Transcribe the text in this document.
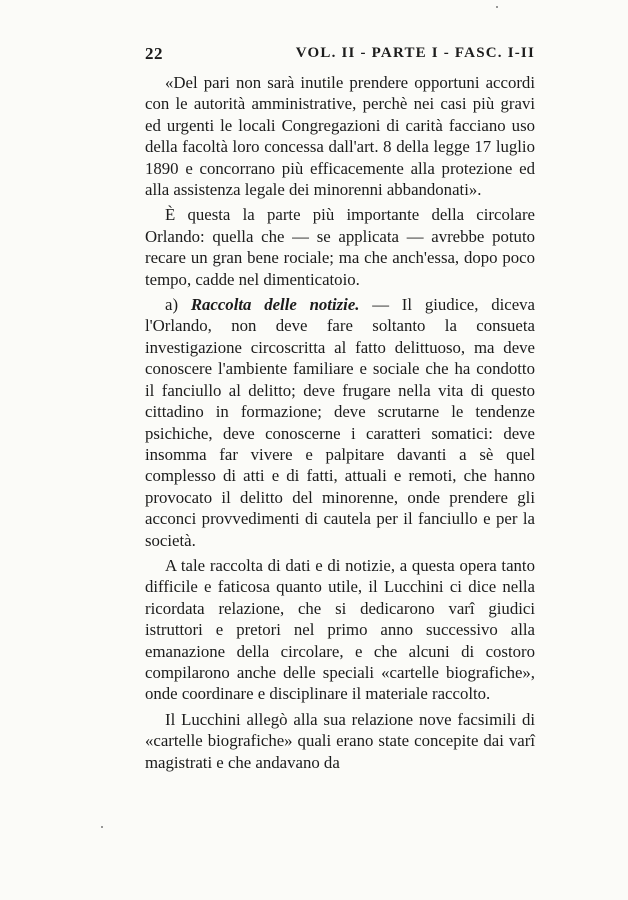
22	VOL. II - PARTE I - FASC. I-II

«Del pari non sarà inutile prendere opportuni accordi con le autorità amministrative, perchè nei casi più gravi ed urgenti le locali Congregazioni di carità facciano uso della facoltà loro concessa dall'art. 8 della legge 17 luglio 1890 e concorrano più efficacemente alla protezione ed alla assistenza legale dei minorenni abbandonati».

È questa la parte più importante della circolare Orlando: quella che — se applicata — avrebbe potuto recare un gran bene rociale; ma che anch'essa, dopo poco tempo, cadde nel dimenticatoio.

a) Raccolta delle notizie. — Il giudice, diceva l'Orlando, non deve fare soltanto la consueta investigazione circoscritta al fatto delittuoso, ma deve conoscere l'ambiente familiare e sociale che ha condotto il fanciullo al delitto; deve frugare nella vita di questo cittadino in formazione; deve scrutarne le tendenze psichiche, deve conoscerne i caratteri somatici: deve insomma far vivere e palpitare davanti a sè quel complesso di atti e di fatti, attuali e remoti, che hanno provocato il delitto del minorenne, onde prendere gli acconci provvedimenti di cautela per il fanciullo e per la società.

A tale raccolta di dati e di notizie, a questa opera tanto difficile e faticosa quanto utile, il Lucchini ci dice nella ricordata relazione, che si dedicarono varî giudici istruttori e pretori nel primo anno successivo alla emanazione della circolare, e che alcuni di costoro compilarono anche delle speciali «cartelle biografiche», onde coordinare e disciplinare il materiale raccolto.

Il Lucchini allegò alla sua relazione nove facsimili di «cartelle biografiche» quali erano state concepite dai varî magistrati e che andavano da
